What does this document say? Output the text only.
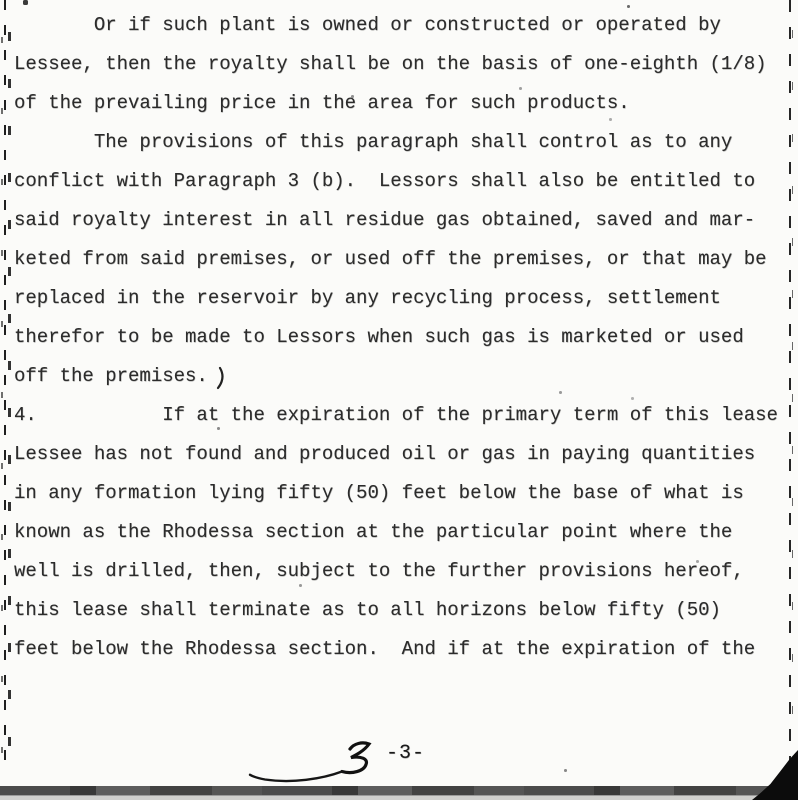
Or if such plant is owned or constructed or operated by
Lessee, then the royalty shall be on the basis of one-eighth (1/8)
of the prevailing price in the area for such products.
The provisions of this paragraph shall control as to any
conflict with Paragraph 3 (b).  Lessors shall also be entitled to
said royalty interest in all residue gas obtained, saved and mar-
keted from said premises, or used off the premises, or that may be
replaced in the reservoir by any recycling process, settlement
therefor to be made to Lessors when such gas is marketed or used
off the premises.
4.           If at the expiration of the primary term of this lease
Lessee has not found and produced oil or gas in paying quantities
in any formation lying fifty (50) feet below the base of what is
known as the Rhodessa section at the particular point where the
well is drilled, then, subject to the further provisions hereof,
this lease shall terminate as to all horizons below fifty (50)
feet below the Rhodessa section.  And if at the expiration of the
-3-
